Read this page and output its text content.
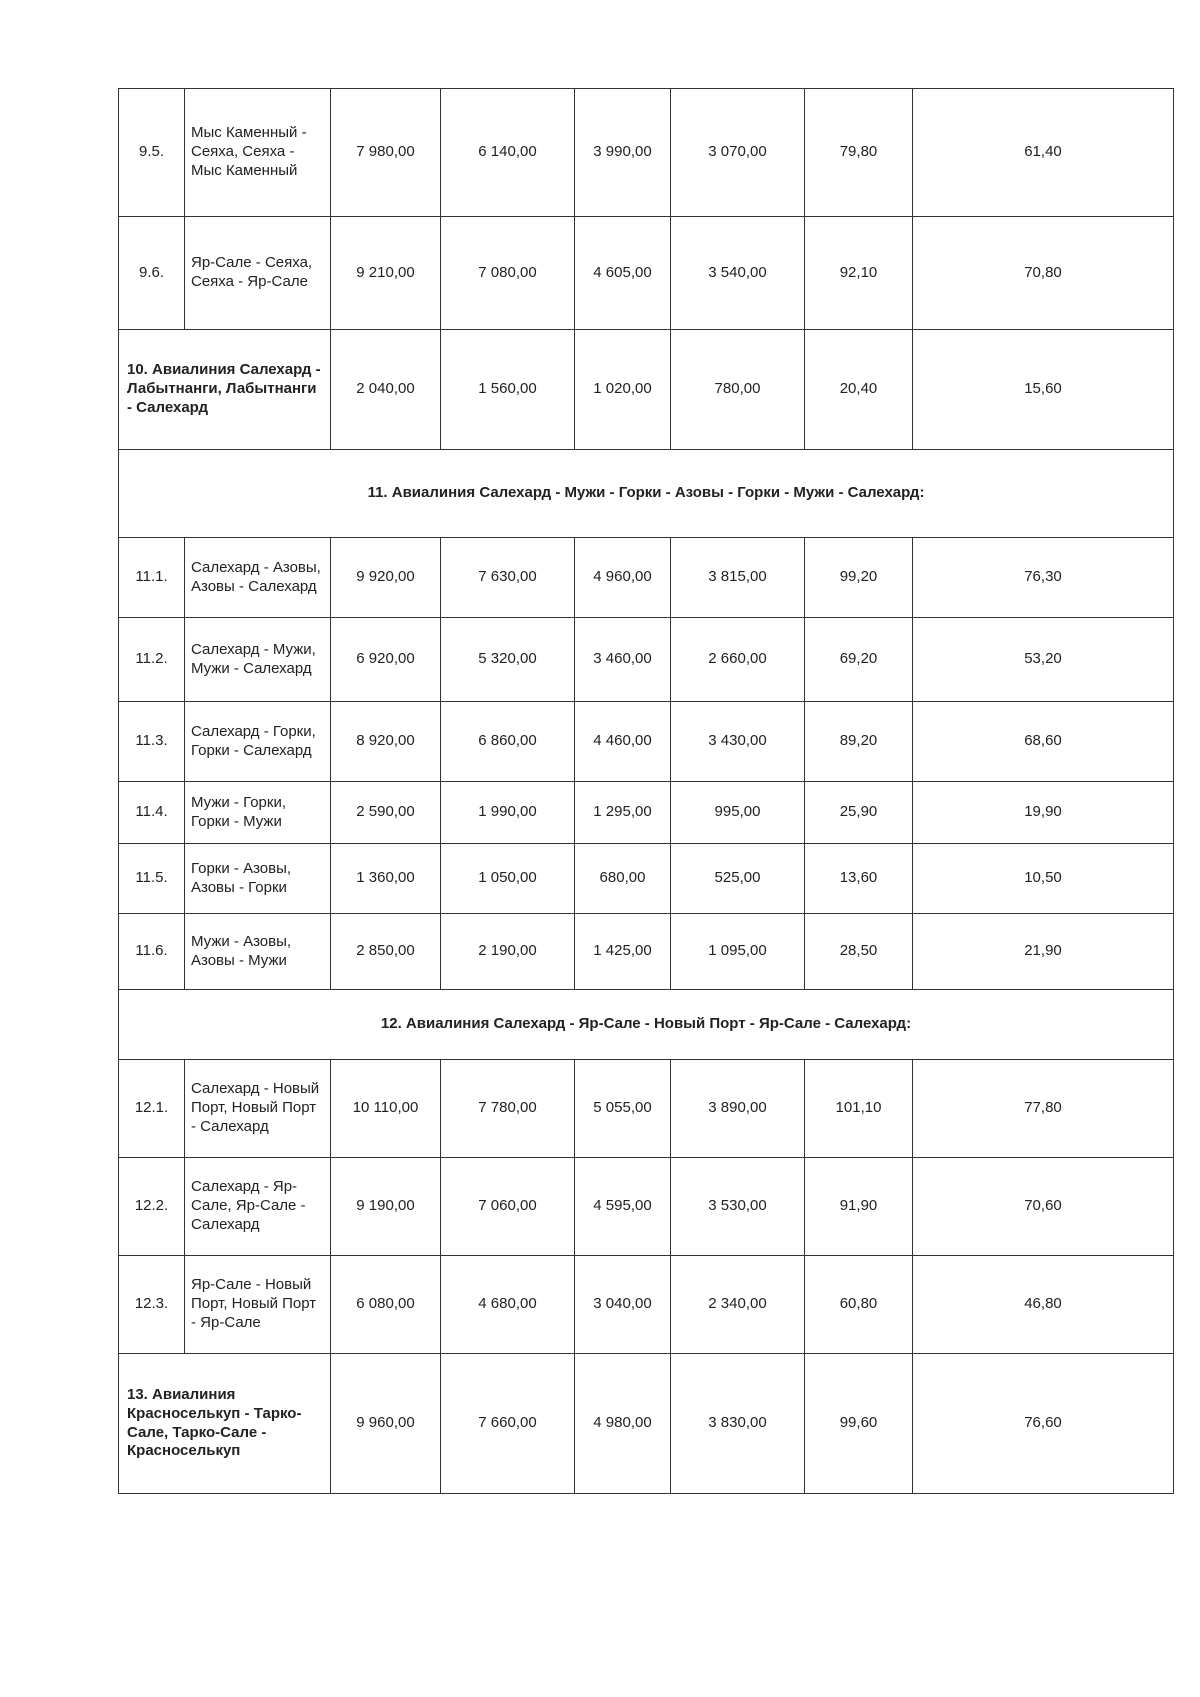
9.5.	Мыс Каменный - Сеяха, Сеяха - Мыс Каменный	7 980,00	6 140,00	3 990,00	3 070,00	79,80	61,40
9.6.	Яр-Сале - Сеяха, Сеяха - Яр-Сале	9 210,00	7 080,00	4 605,00	3 540,00	92,10	70,80
10. Авиалиния Салехард - Лабытнанги, Лабытнанги - Салехард		2 040,00	1 560,00	1 020,00	780,00	20,40	15,60
11. Авиалиния Салехард - Мужи - Горки - Азовы - Горки - Мужи - Салехард:							
11.1.	Салехард - Азовы, Азовы - Салехард	9 920,00	7 630,00	4 960,00	3 815,00	99,20	76,30
11.2.	Салехард - Мужи, Мужи - Салехард	6 920,00	5 320,00	3 460,00	2 660,00	69,20	53,20
11.3.	Салехард - Горки, Горки - Салехард	8 920,00	6 860,00	4 460,00	3 430,00	89,20	68,60
11.4.	Мужи - Горки, Горки - Мужи	2 590,00	1 990,00	1 295,00	995,00	25,90	19,90
11.5.	Горки - Азовы, Азовы - Горки	1 360,00	1 050,00	680,00	525,00	13,60	10,50
11.6.	Мужи - Азовы, Азовы - Мужи	2 850,00	2 190,00	1 425,00	1 095,00	28,50	21,90
12. Авиалиния Салехард - Яр-Сале - Новый Порт - Яр-Сале - Салехард:							
12.1.	Салехард - Новый Порт, Новый Порт - Салехард	10 110,00	7 780,00	5 055,00	3 890,00	101,10	77,80
12.2.	Салехард - Яр-Сале, Яр-Сале - Салехард	9 190,00	7 060,00	4 595,00	3 530,00	91,90	70,60
12.3.	Яр-Сале - Новый Порт, Новый Порт - Яр-Сале	6 080,00	4 680,00	3 040,00	2 340,00	60,80	46,80
13. Авиалиния Красноселькуп - Тарко-Сале, Тарко-Сале - Красноселькуп		9 960,00	7 660,00	4 980,00	3 830,00	99,60	76,60
